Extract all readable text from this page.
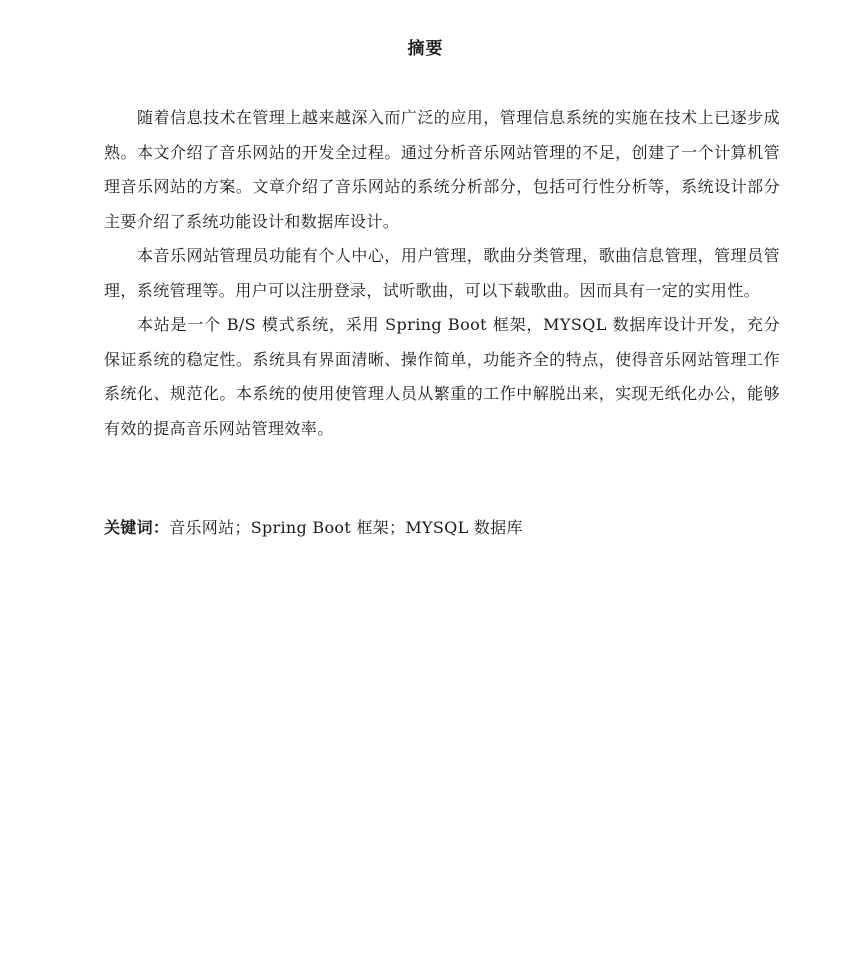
摘要

随着信息技术在管理上越来越深入而广泛的应用，管理信息系统的实施在技术上已逐步成熟。本文介绍了音乐网站的开发全过程。通过分析音乐网站管理的不足，创建了一个计算机管理音乐网站的方案。文章介绍了音乐网站的系统分析部分，包括可行性分析等，系统设计部分主要介绍了系统功能设计和数据库设计。

本音乐网站管理员功能有个人中心，用户管理，歌曲分类管理，歌曲信息管理，管理员管理，系统管理等。用户可以注册登录，试听歌曲，可以下载歌曲。因而具有一定的实用性。

本站是一个 B/S 模式系统，采用 Spring Boot 框架，MYSQL 数据库设计开发，充分保证系统的稳定性。系统具有界面清晰、操作简单，功能齐全的特点，使得音乐网站管理工作系统化、规范化。本系统的使用使管理人员从繁重的工作中解脱出来，实现无纸化办公，能够有效的提高音乐网站管理效率。

关键词：音乐网站；Spring Boot 框架；MYSQL 数据库
